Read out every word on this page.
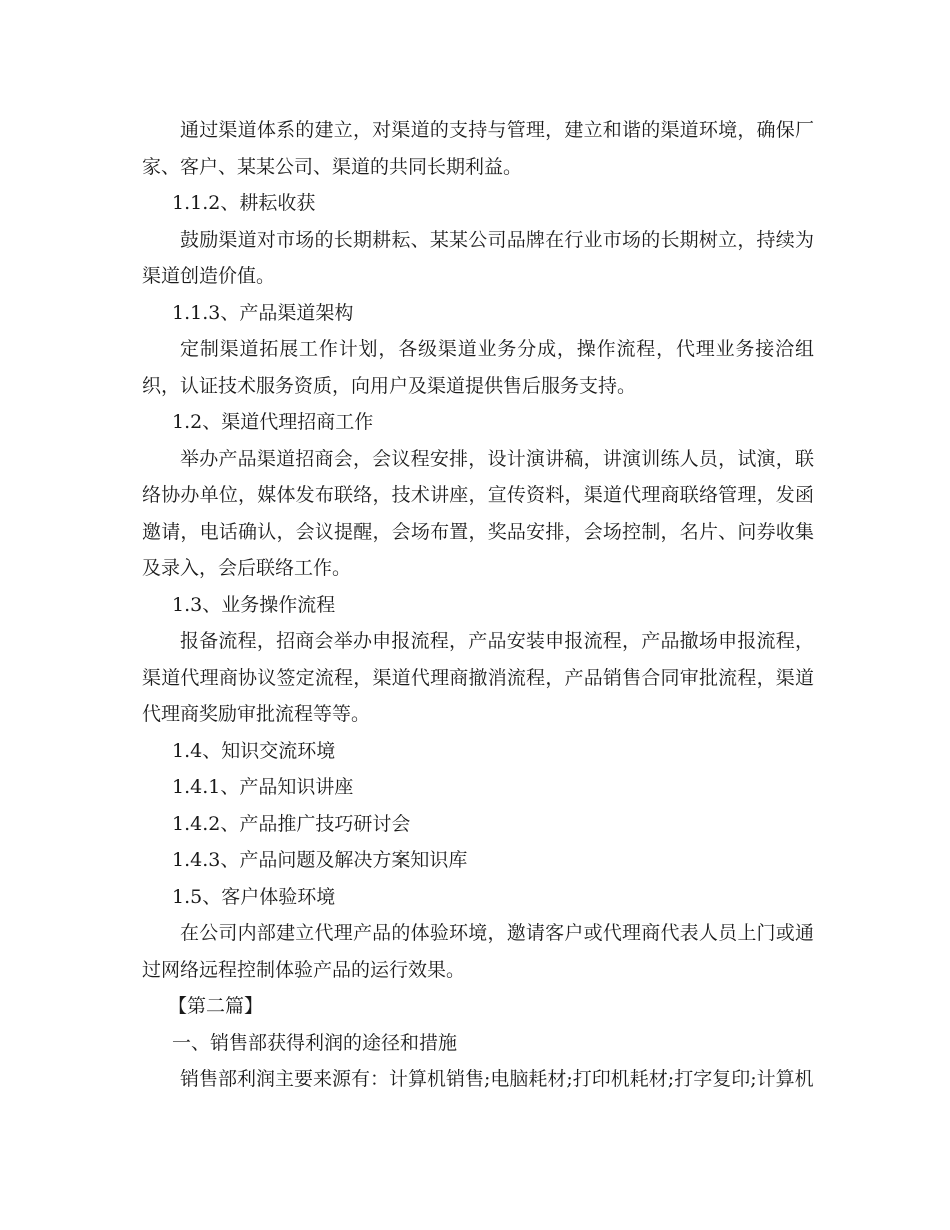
通过渠道体系的建立，对渠道的支持与管理，建立和谐的渠道环境，确保厂家、客户、某某公司、渠道的共同长期利益。

1.1.2、耕耘收获

鼓励渠道对市场的长期耕耘、某某公司品牌在行业市场的长期树立，持续为渠道创造价值。

1.1.3、产品渠道架构

定制渠道拓展工作计划，各级渠道业务分成，操作流程，代理业务接洽组织，认证技术服务资质，向用户及渠道提供售后服务支持。

1.2、渠道代理招商工作

举办产品渠道招商会，会议程安排，设计演讲稿，讲演训练人员，试演，联络协办单位，媒体发布联络，技术讲座，宣传资料，渠道代理商联络管理，发函邀请，电话确认，会议提醒，会场布置，奖品安排，会场控制，名片、问券收集及录入，会后联络工作。

1.3、业务操作流程

报备流程，招商会举办申报流程，产品安装申报流程，产品撤场申报流程，渠道代理商协议签定流程，渠道代理商撤消流程，产品销售合同审批流程，渠道代理商奖励审批流程等等。

1.4、知识交流环境

1.4.1、产品知识讲座

1.4.2、产品推广技巧研讨会

1.4.3、产品问题及解决方案知识库

1.5、客户体验环境

在公司内部建立代理产品的体验环境，邀请客户或代理商代表人员上门或通过网络远程控制体验产品的运行效果。

【第二篇】

一、销售部获得利润的途径和措施

销售部利润主要来源有：计算机销售;电脑耗材;打印机耗材;打字复印;计算机
